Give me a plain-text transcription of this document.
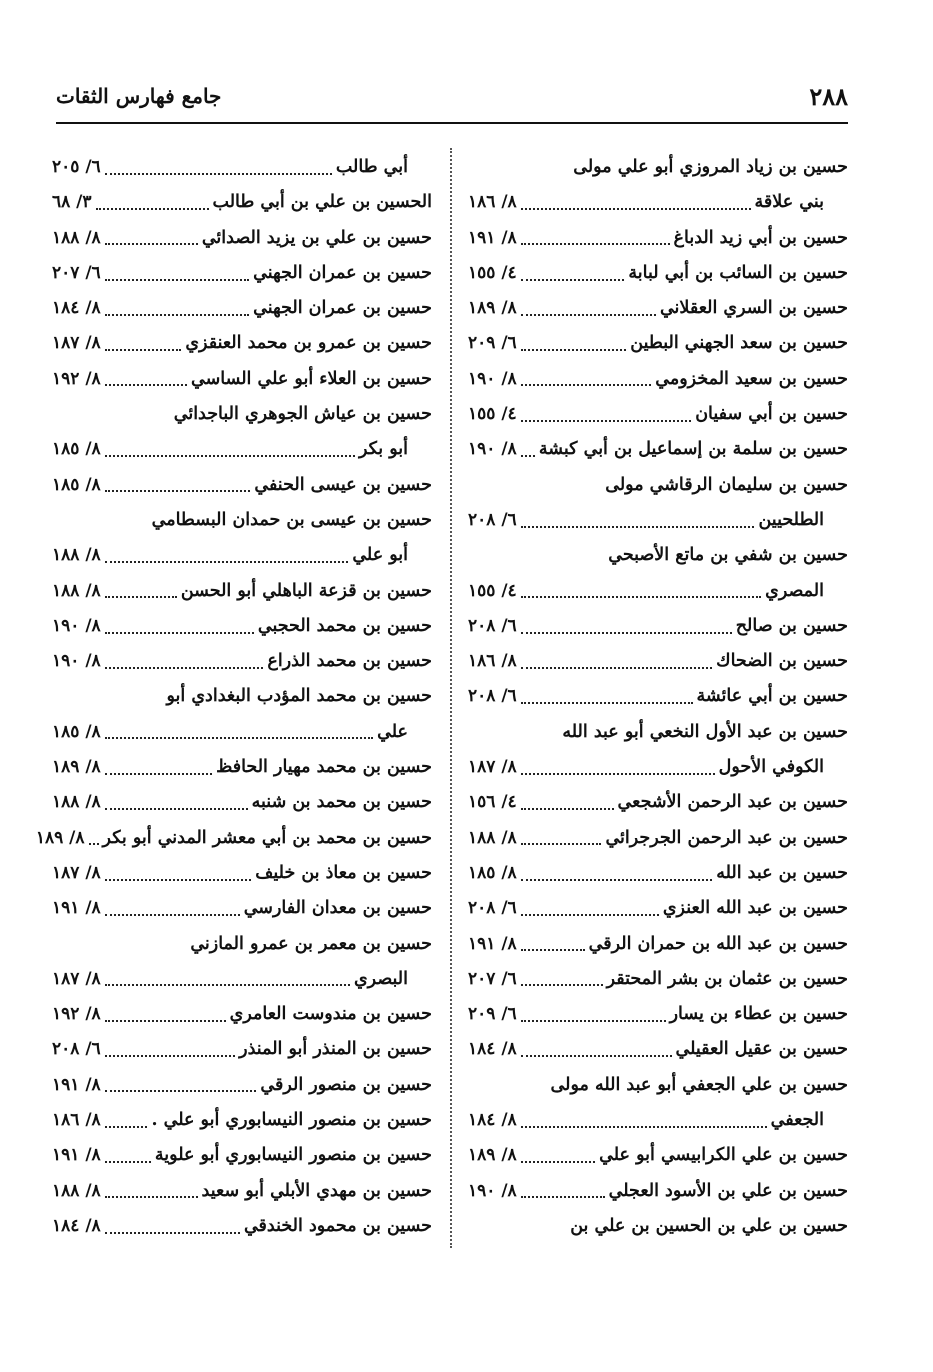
٢٨٨
جامع فهارس الثقات
حسين بن زياد المروزي أبو علي مولى
بني علاقة
٨/ ١٨٦
حسين بن أبي زيد الدباغ
٨/ ١٩١
حسين بن السائب بن أبي لبابة
٤/ ١٥٥
حسين بن السري العقلاني
٨/ ١٨٩
حسين بن سعد الجهني البطين
٦/ ٢٠٩
حسين بن سعيد المخزومي
٨/ ١٩٠
حسين بن أبي سفيان
٤/ ١٥٥
حسين بن سلمة بن إسماعيل بن أبي كبشة
٨/ ١٩٠
حسين بن سليمان الرقاشي مولى
الطلحيين
٦/ ٢٠٨
حسين بن شفي بن ماتع الأصبحي
المصري
٤/ ١٥٥
حسين بن صالح
٦/ ٢٠٨
حسين بن الضحاك
٨/ ١٨٦
حسين بن أبي عائشة
٦/ ٢٠٨
حسين بن عبد الأول النخعي أبو عبد الله
الكوفي الأحول
٨/ ١٨٧
حسين بن عبد الرحمن الأشجعي
٤/ ١٥٦
حسين بن عبد الرحمن الجرجرائي
٨/ ١٨٨
حسين بن عبد الله
٨/ ١٨٥
حسين بن عبد الله العنزي
٦/ ٢٠٨
حسين بن عبد الله بن حمران الرقي
٨/ ١٩١
حسين بن عثمان بن بشر المحتقر
٦/ ٢٠٧
حسين بن عطاء بن يسار
٦/ ٢٠٩
حسين بن عقيل العقيلي
٨/ ١٨٤
حسين بن علي الجعفي أبو عبد الله مولى
الجعفي
٨/ ١٨٤
حسين بن علي الكرابيسي أبو علي
٨/ ١٨٩
حسين بن علي بن الأسود العجلي
٨/ ١٩٠
حسين بن علي بن الحسين بن علي بن
أبي طالب
٦/ ٢٠٥
الحسين بن علي بن أبي طالب
٣/ ٦٨
حسين بن علي بن يزيد الصدائي
٨/ ١٨٨
حسين بن عمران الجهني
٦/ ٢٠٧
حسين بن عمران الجهني
٨/ ١٨٤
حسين بن عمرو بن محمد العنقزي
٨/ ١٨٧
حسين بن العلاء أبو علي الساسي
٨/ ١٩٢
حسين بن عياش الجوهري الباجدائي
أبو بكر
٨/ ١٨٥
حسين بن عيسى الحنفي
٨/ ١٨٥
حسين بن عيسى بن حمدان البسطامي
أبو علي
٨/ ١٨٨
حسين بن قزعة الباهلي أبو الحسن
٨/ ١٨٨
حسين بن محمد الحجبي
٨/ ١٩٠
حسين بن محمد الذراع
٨/ ١٩٠
حسين بن محمد المؤدب البغدادي أبو
علي
٨/ ١٨٥
حسين بن محمد مهيار الحافظ
٨/ ١٨٩
حسين بن محمد بن شنبه
٨/ ١٨٨
حسين بن محمد بن أبي معشر المدني أبو بكر
٨/ ١٨٩
حسين بن معاذ بن خليف
٨/ ١٨٧
حسين بن معدان الفارسي
٨/ ١٩١
حسين بن معمر بن عمرو المازني
البصري
٨/ ١٨٧
حسين بن مندوست العامري
٨/ ١٩٢
حسين بن المنذر أبو المنذر
٦/ ٢٠٨
حسين بن منصور الرقي
٨/ ١٩١
حسين بن منصور النيسابوري أبو علي .
٨/ ١٨٦
حسين بن منصور النيسابوري أبو علوية
٨/ ١٩١
حسين بن مهدي الأبلي أبو سعيد
٨/ ١٨٨
حسين بن محمود الخندقي
٨/ ١٨٤
